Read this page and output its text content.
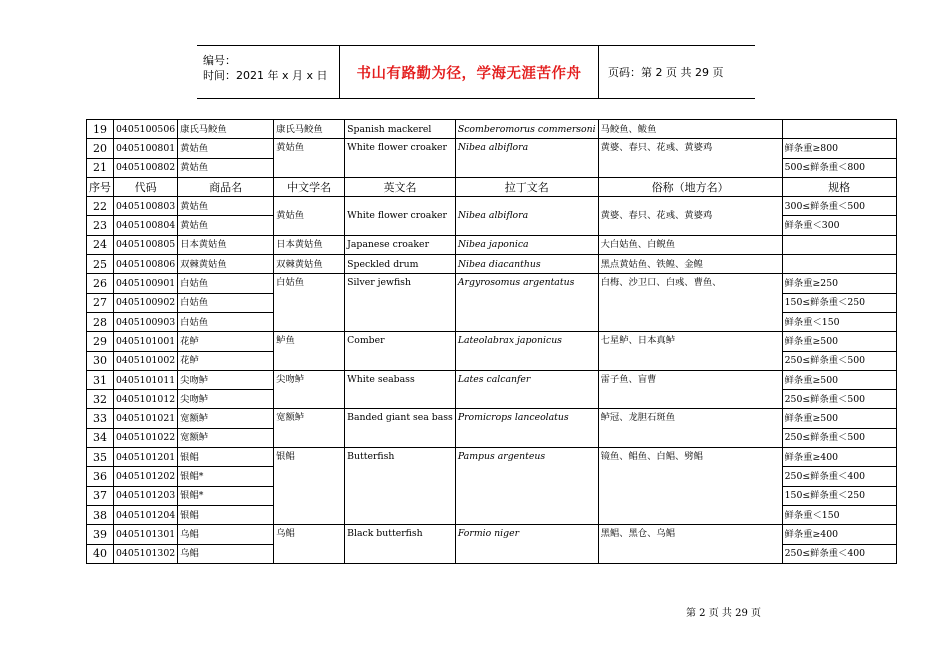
编号：
时间：2021 年 x 月 x 日	书山有路勤为径，学海无涯苦作舟	页码：第 2 页 共 29 页
19	0405100506	康氏马鲛鱼	康氏马鲛鱼	Spanish mackerel	Scomberomorus commersoni	马鲛鱼、鲅鱼	
20	0405100801	黄姑鱼	黄姑鱼	White flower croaker	Nibea albiflora	黄婆、春只、花彧、黄婆鸡	鲜条重≥800
21	0405100802	黄姑鱼					500≤鲜条重＜800
序号	代码	商品名	中文学名	英文名	拉丁文名	俗称（地方名）	规格
22	0405100803	黄姑鱼	黄姑鱼	White flower croaker	Nibea albiflora	黄婆、春只、花彧、黄婆鸡	300≤鲜条重＜500
23	0405100804	黄姑鱼					鲜条重＜300
24	0405100805	日本黄姑鱼	日本黄姑鱼	Japanese croaker	Nibea japonica	大白姑鱼、白鲵鱼	
25	0405100806	双棘黄姑鱼	双棘黄姑鱼	Speckled drum	Nibea diacanthus	黑点黄姑鱼、铁鳇、金鳇	
26	0405100901	白姑鱼	白姑鱼	Silver jewfish	Argyrosomus argentatus	白梅、沙卫口、白彧、曹鱼、	鲜条重≥250
27	0405100902	白姑鱼					150≤鲜条重＜250
28	0405100903	白姑鱼					鲜条重＜150
29	0405101001	花鲈	鲈鱼	Comber	Lateolabrax japonicus	七星鲈、日本真鲈	鲜条重≥500
30	0405101002	花鲈					250≤鲜条重＜500
31	0405101011	尖吻鲈	尖吻鲈	White seabass	Lates calcanfer	雷子鱼、盲曹	鲜条重≥500
32	0405101012	尖吻鲈					250≤鲜条重＜500
33	0405101021	宽额鲈	宽额鲈	Banded giant sea bass	Promicrops lanceolatus	鲈冠、龙胆石斑鱼	鲜条重≥500
34	0405101022	宽额鲈					250≤鲜条重＜500
35	0405101201	银鲳	银鲳	Butterfish	Pampus argenteus	镜鱼、鲳鱼、白鲳、劈鲳	鲜条重≥400
36	0405101202	银鲳*					250≤鲜条重＜400
37	0405101203	银鲳*					150≤鲜条重＜250
38	0405101204	银鲳					鲜条重＜150
39	0405101301	乌鲳	乌鲳	Black butterfish	Formio niger	黑鲳、黑仓、乌鲳	鲜条重≥400
40	0405101302	乌鲳					250≤鲜条重＜400
第 2 页 共 29 页
